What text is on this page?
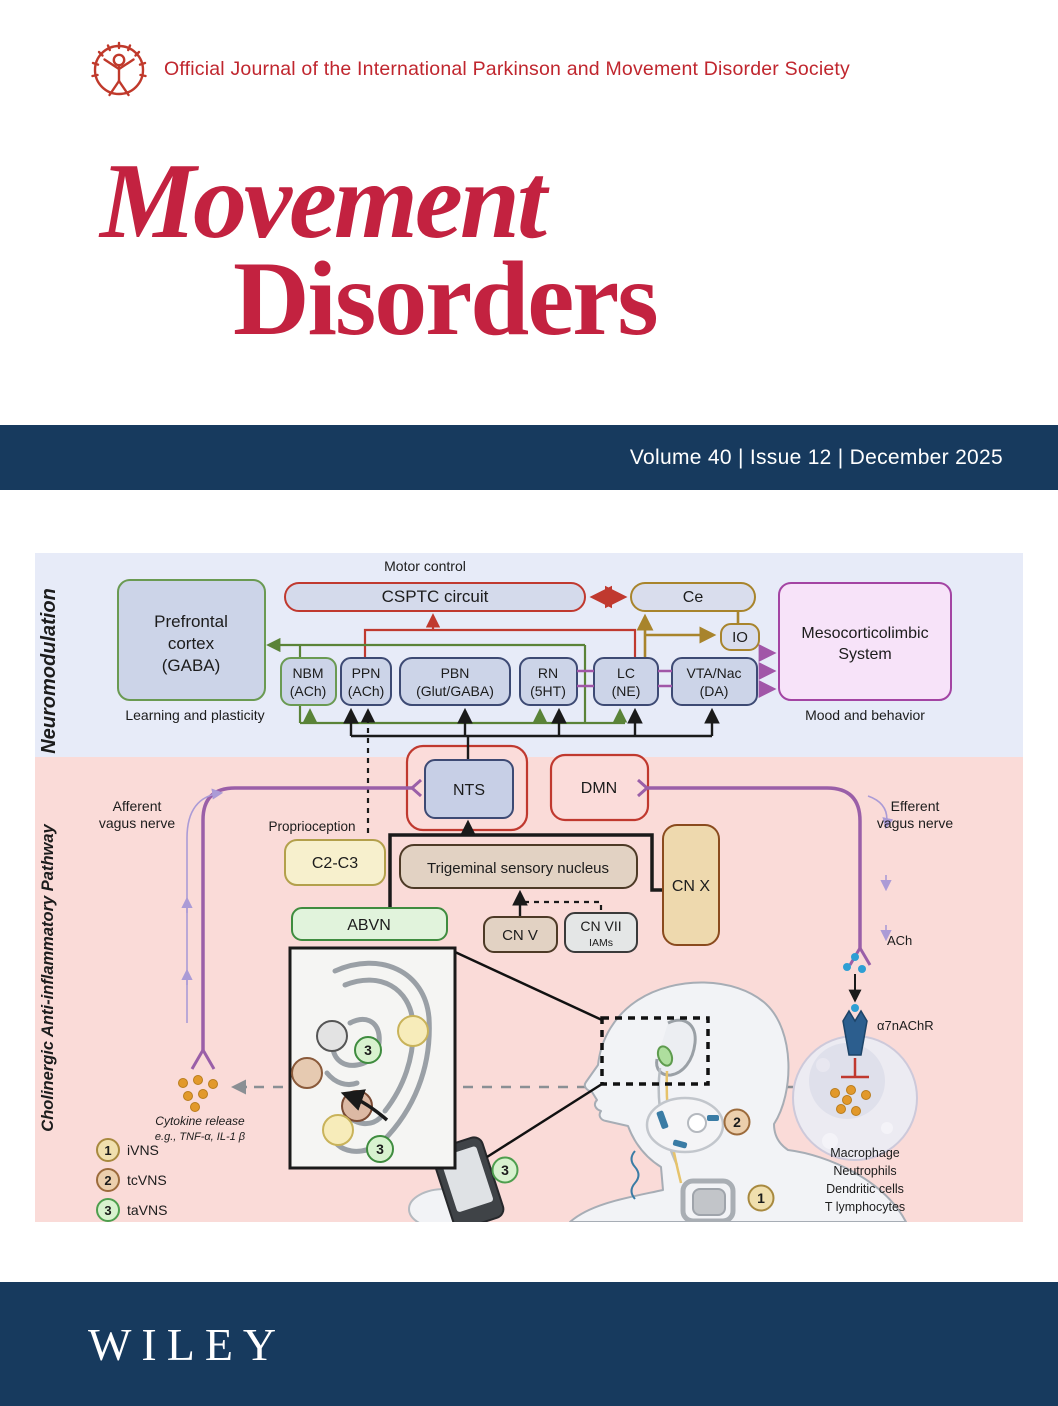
Official Journal of the International Parkinson and Movement Disorder Society
Movement
Disorders
Volume 40 | Issue 12 | December 2025
Neuromodulation
Cholinergic Anti-inflammatory Pathway
Motor control
CSPTC circuit	Ce
IO
Prefrontal
cortex
(GABA)
Learning and plasticity
NBM
(ACh)
PPN
(ACh)
PBN
(Glut/GABA)
RN
(5HT)
LC
(NE)
VTA/Nac
(DA)
Mesocorticolimbic
System
Mood and behavior
NTS	DMN
Afferent
vagus nerve
Efferent
vagus nerve
Proprioception
C2-C3	Trigeminal sensory nucleus
CN X
ABVN
CN V
CN VII
IAMs
3
3
3
2
1
ACh
α7nAChR
Macrophage
Neutrophils
Dendritic cells
T lymphocytes
Cytokine release
e.g., TNF-α, IL-1 β
1 iVNS
2 tcVNS
3 taVNS
WILEY
